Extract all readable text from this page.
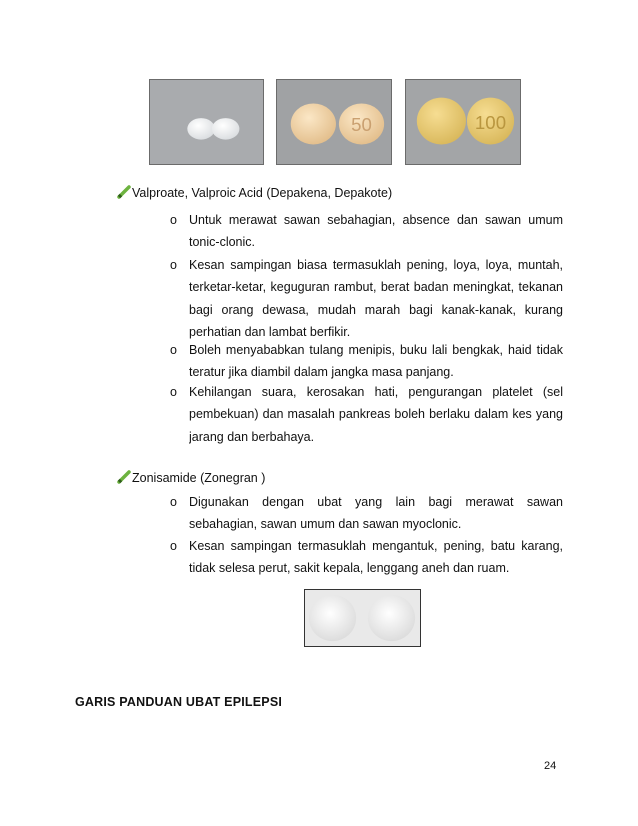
50	100
Valproate, Valproic Acid (Depakena, Depakote)
o Untuk merawat sawan sebahagian, absence dan sawan umum
tonic-clonic.
o Kesan sampingan biasa termasuklah pening, loya, loya, muntah,
terketar-ketar, keguguran rambut, berat badan meningkat, tekanan
bagi orang dewasa, mudah marah bagi kanak-kanak, kurang
perhatian dan lambat berfikir.
o Boleh menyababkan tulang menipis, buku lali bengkak, haid tidak
teratur jika diambil dalam jangka masa panjang.
o Kehilangan suara, kerosakan hati, pengurangan platelet (sel
pembekuan) dan masalah pankreas boleh berlaku dalam kes yang
jarang dan berbahaya.
Zonisamide (Zonegran )
o Digunakan dengan ubat yang lain bagi merawat sawan
sebahagian, sawan umum dan sawan myoclonic.
o Kesan sampingan termasuklah mengantuk, pening, batu karang,
tidak selesa perut, sakit kepala, lenggang aneh dan ruam.
GARIS PANDUAN UBAT EPILEPSI
24
